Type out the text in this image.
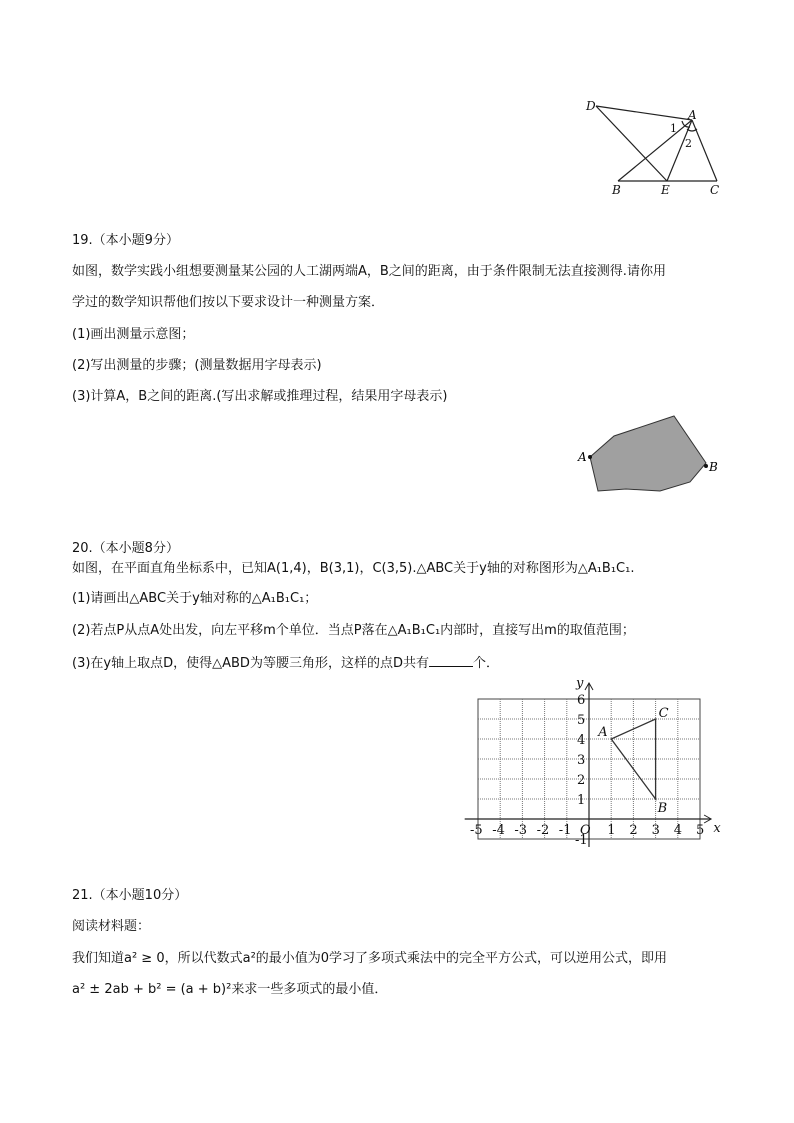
D
A
B	E	C
1
2
19.（本小题9分）
如图，数学实践小组想要测量某公园的人工湖两端A，B之间的距离，由于条件限制无法直接测得.请你用
学过的数学知识帮他们按以下要求设计一种测量方案．
(1)画出测量示意图；
(2)写出测量的步骤；(测量数据用字母表示)
(3)计算A，B之间的距离.(写出求解或推理过程，结果用字母表示)
A
B
20.（本小题8分）
如图，在平面直角坐标系中，已知A(1,4)，B(3,1)，C(3,5).△ABC关于y轴的对称图形为△A₁B₁C₁.
(1)请画出△ABC关于y轴对称的△A₁B₁C₁；
(2)若点P从点A处出发，向左平移m个单位．当点P落在△A₁B₁C₁内部时，直接写出m的取值范围；
(3)在y轴上取点D，使得△ABD为等腰三角形，这样的点D共有	个．
-5 -4 -3 -2 -1	1 2 3 4 5
-1
1
2
3
4
5
6
O	x
y
A
B
C
21.（本小题10分）
阅读材料题：
我们知道a² ≥ 0，所以代数式a²的最小值为0学习了多项式乘法中的完全平方公式，可以逆用公式，即用
a² ± 2ab + b² = (a + b)²来求一些多项式的最小值．
